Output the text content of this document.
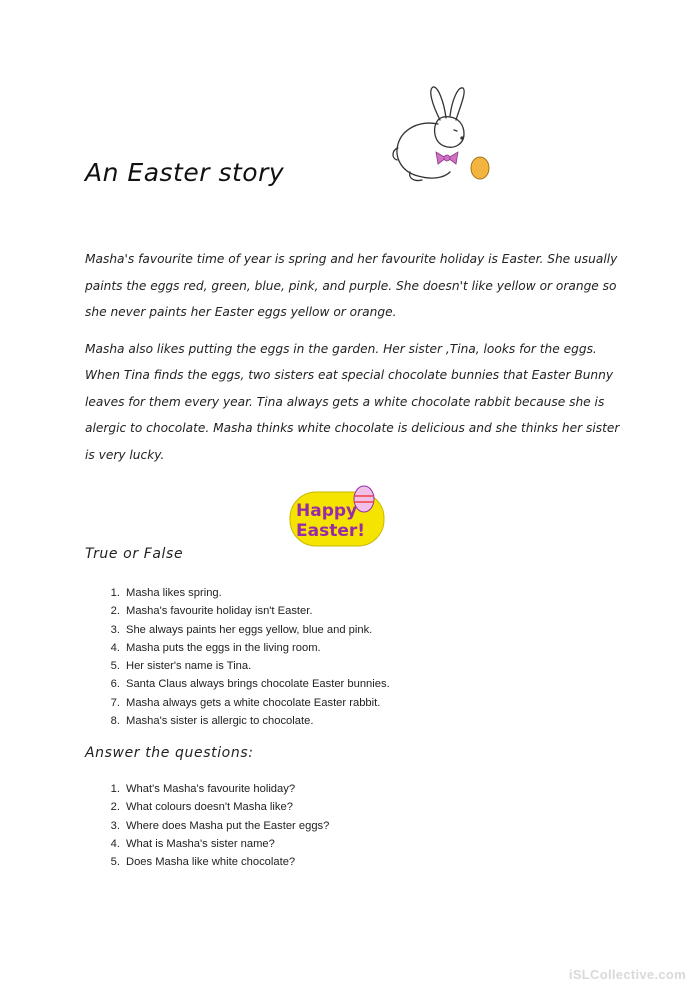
An Easter story

Masha's favourite time of year is spring and her favourite holiday is Easter. She usually paints the eggs red, green, blue, pink, and purple. She doesn't like yellow or orange so she never paints her Easter eggs yellow or orange.

Masha also likes putting the eggs in the garden. Her sister ,Tina, looks for the eggs. When Tina finds the eggs, two sisters eat special chocolate bunnies that Easter Bunny leaves for them every year. Tina always gets a white chocolate rabbit because she is alergic to chocolate. Masha thinks white chocolate is delicious and she thinks her sister is very lucky.

Happy
Easter!
True or False
1. Masha likes spring.
2. Masha's favourite holiday isn't Easter.
3. She always paints her eggs yellow, blue and pink.
4. Masha puts the eggs in the living room.
5. Her sister's name is Tina.
6. Santa Claus always brings chocolate Easter bunnies.
7. Masha always gets a white chocolate Easter rabbit.
8. Masha's sister is allergic to chocolate.
Answer the questions:
1. What's Masha's favourite holiday?
2. What colours doesn't Masha like?
3. Where does Masha put the Easter eggs?
4. What is Masha's sister name?
5. Does Masha like white chocolate?
iSLCollective.com
